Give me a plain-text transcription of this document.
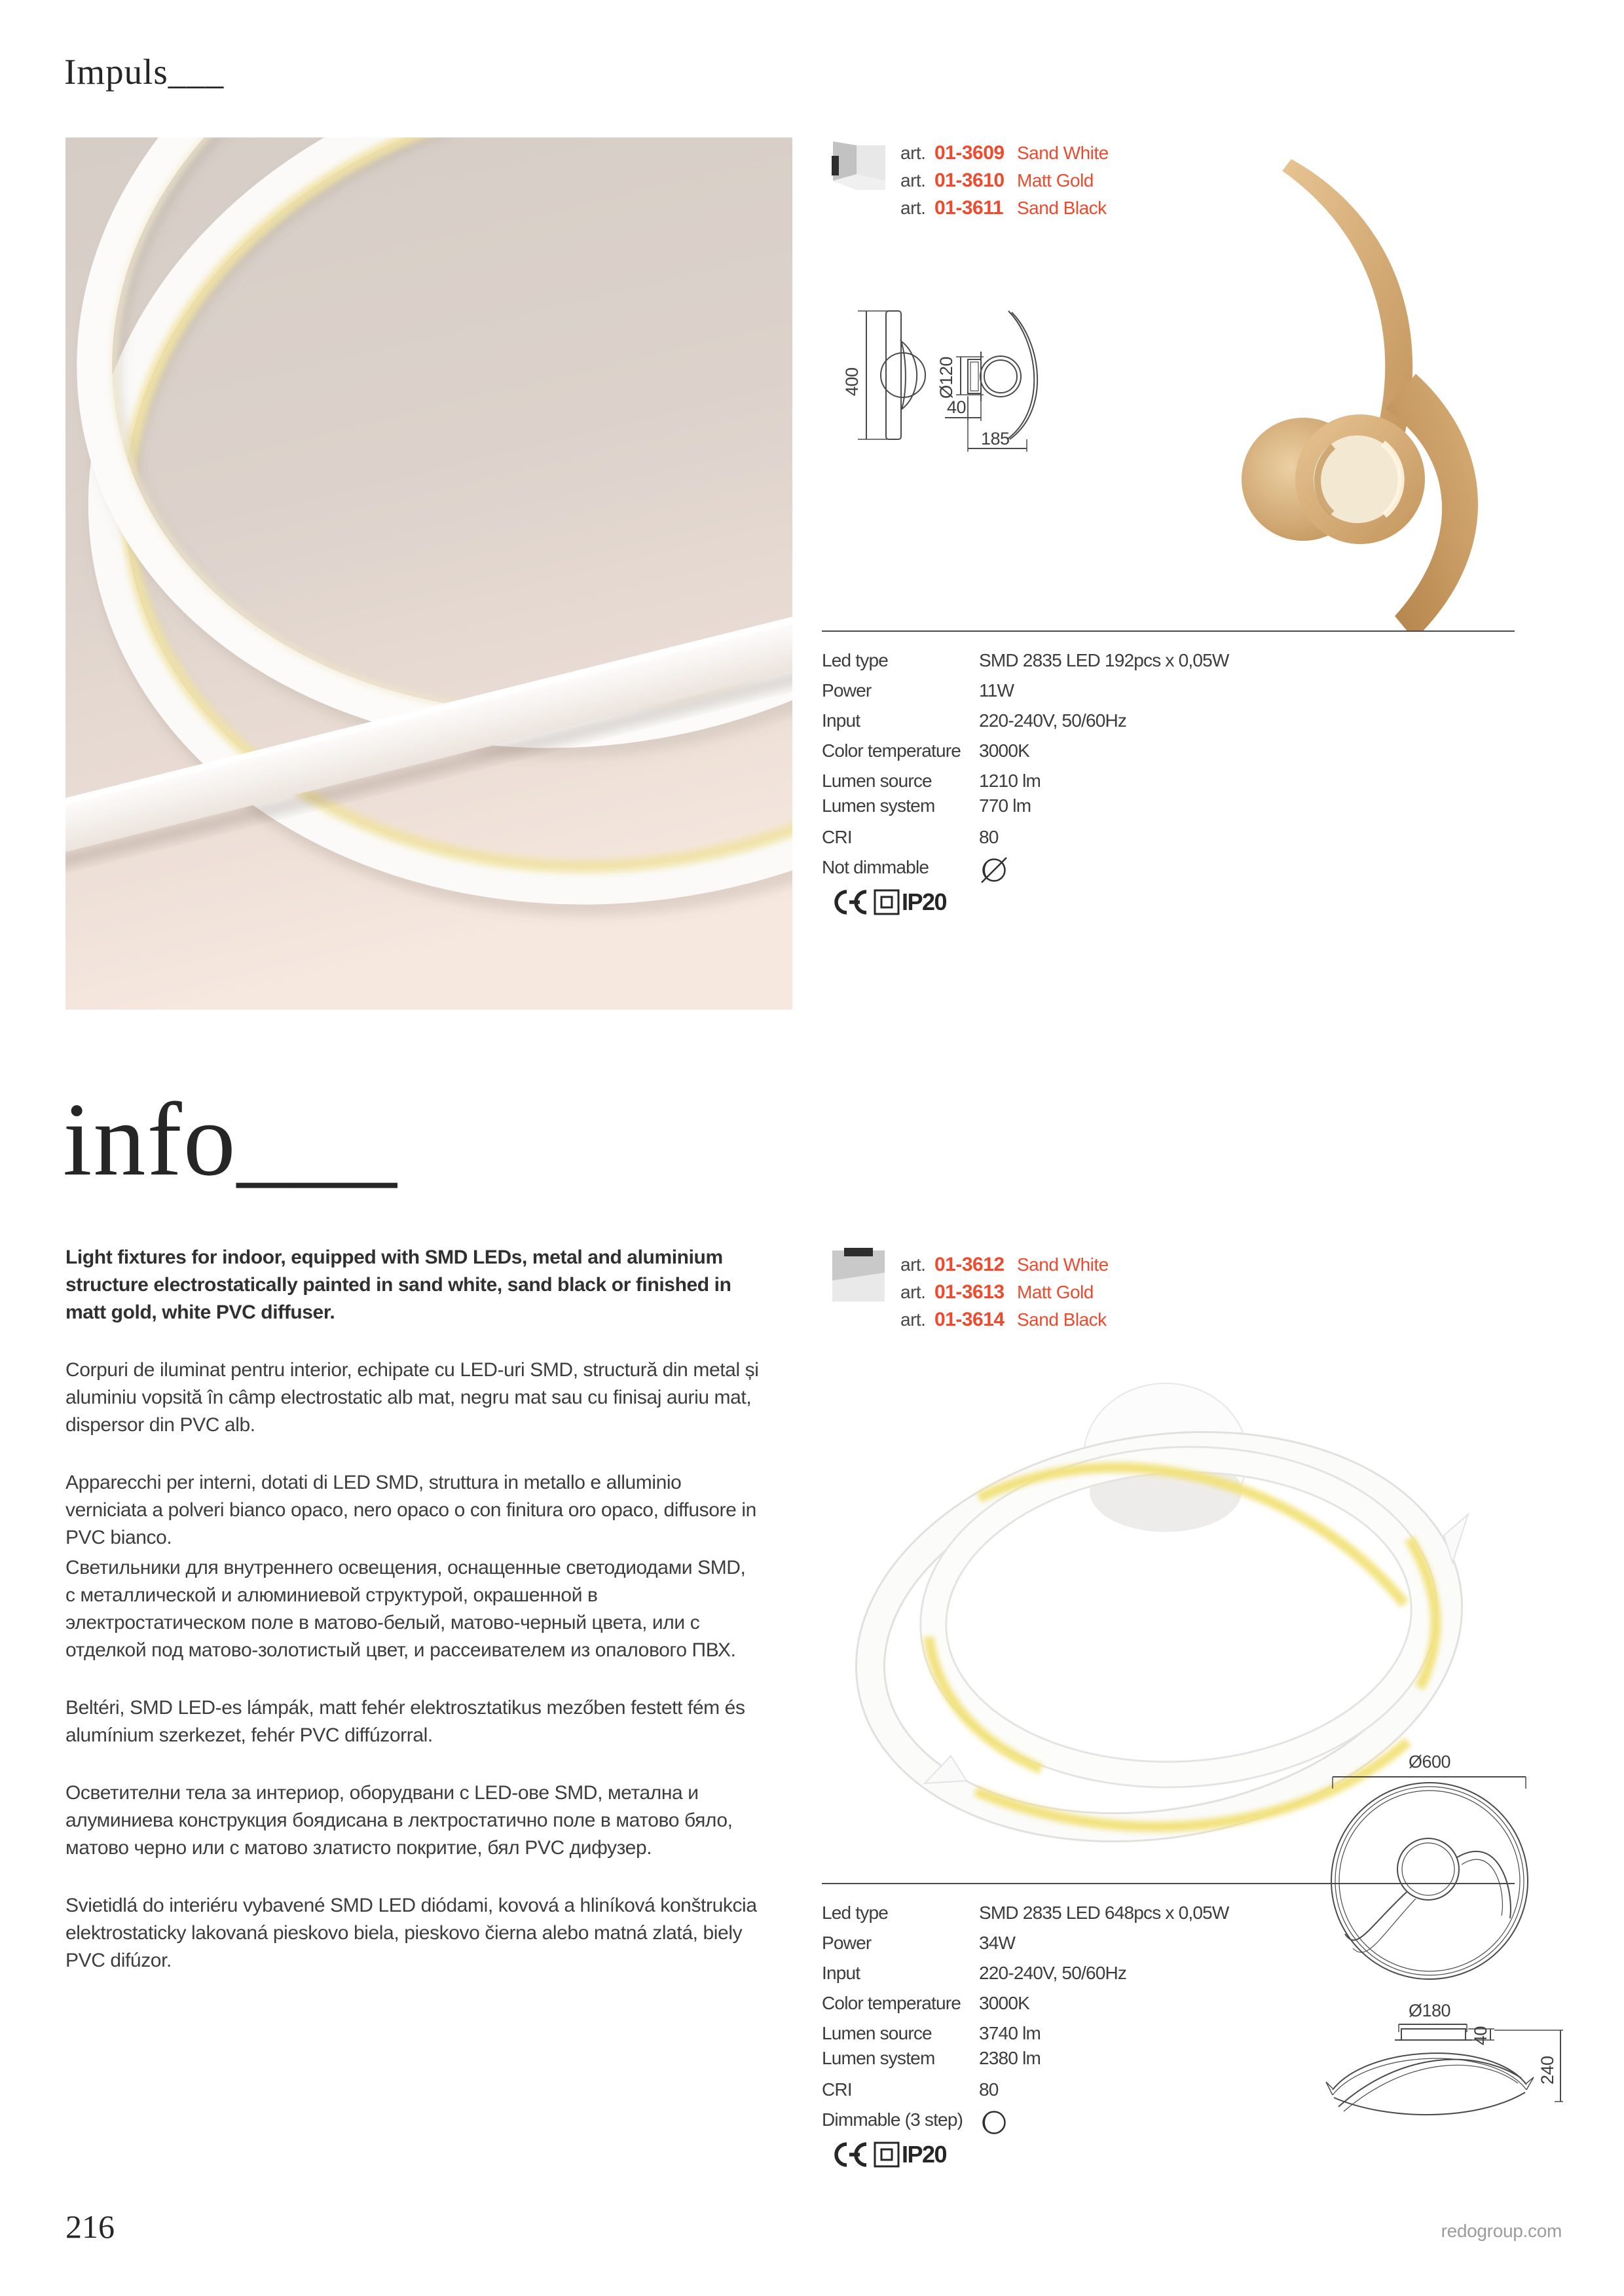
Impuls___
art. 01-3609 Sand White
art. 01-3610 Matt Gold
art. 01-3611 Sand Black
400	Ø120
40
185
Led type	SMD 2835 LED 192pcs x 0,05W
Power	11W
Input	220-240V, 50/60Hz
Color temperature 3000K
Lumen source	1210 lm
Lumen system	770 lm
CRI	80
Not dimmable
IP20
info___
Light fixtures for indoor, equipped with SMD LEDs, metal and aluminium structure electrostatically painted in sand white, sand black or finished in matt gold, white PVC diffuser.
Corpuri de iluminat pentru interior, echipate cu LED-uri SMD, structură din metal și aluminiu vopsită în câmp electrostatic alb mat, negru mat sau cu finisaj auriu mat, dispersor din PVC alb.
Apparecchi per interni, dotati di LED SMD, struttura in metallo e alluminio verniciata a polveri bianco opaco, nero opaco o con finitura oro opaco, diffusore in PVC bianco.
Светильники для внутреннего освещения, оснащенные светодиодами SMD, с металлической и алюминиевой структурой, окрашенной в электростатическом поле в матово-белый, матово-черный цвета, или с отделкой под матово-золотистый цвет, и рассеивателем из опалового ПВХ.
Beltéri, SMD LED-es lámpák, matt fehér elektrosztatikus mezőben festett fém és alumínium szerkezet, fehér PVC diffúzorral.
Осветителни тела за интериор, оборудвани с LED-ове SMD, метална и алуминиева конструкция боядисана в лектростатично поле в матово бяло, матово черно или с матово златисто покритие, бял PVC дифузер.
Svietidlá do interiéru vybavené SMD LED diódami, kovová a hliníková konštrukcia elektrostaticky lakovaná pieskovo biela, pieskovo čierna alebo matná zlatá, biely PVC difúzor.
art. 01-3612 Sand White
art. 01-3613 Matt Gold
art. 01-3614 Sand Black
Ø600
Ø180
40
240
Led type	SMD 2835 LED 648pcs x 0,05W
Power	34W
Input	220-240V, 50/60Hz
Color temperature 3000K
Lumen source	3740 lm
Lumen system	2380 lm
CRI	80
Dimmable (3 step)
IP20
216	redogroup.com
